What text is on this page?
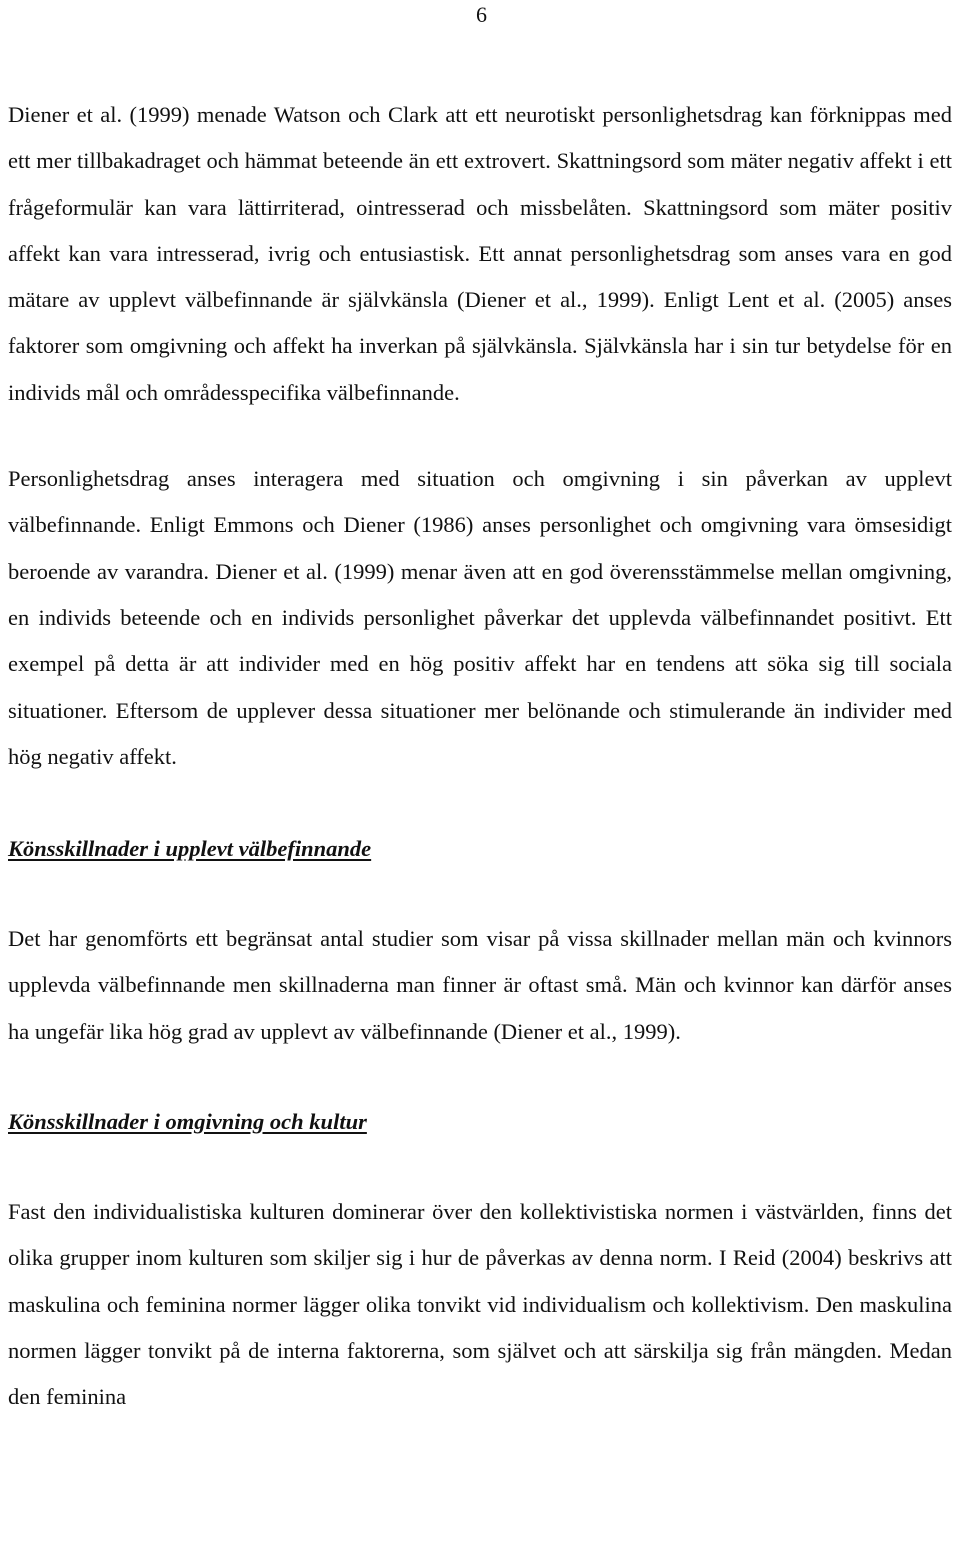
6

Diener et al. (1999) menade Watson och Clark att ett neurotiskt personlighetsdrag kan förknippas med ett mer tillbakadraget och hämmat beteende än ett extrovert. Skattningsord som mäter negativ affekt i ett frågeformulär kan vara lättirriterad, ointresserad och missbelåten. Skattningsord som mäter positiv affekt kan vara intresserad, ivrig och entusiastisk. Ett annat personlighetsdrag som anses vara en god mätare av upplevt välbefinnande är självkänsla (Diener et al., 1999). Enligt Lent et al. (2005) anses faktorer som omgivning och affekt ha inverkan på självkänsla. Självkänsla har i sin tur betydelse för en individs mål och områdesspecifika välbefinnande.

Personlighetsdrag anses interagera med situation och omgivning i sin påverkan av upplevt välbefinnande. Enligt Emmons och Diener (1986) anses personlighet och omgivning vara ömsesidigt beroende av varandra. Diener et al. (1999) menar även att en god överensstämmelse mellan omgivning, en individs beteende och en individs personlighet påverkar det upplevda välbefinnandet positivt. Ett exempel på detta är att individer med en hög positiv affekt har en tendens att söka sig till sociala situationer. Eftersom de upplever dessa situationer mer belönande och stimulerande än individer med hög negativ affekt.

Könsskillnader i upplevt välbefinnande

Det har genomförts ett begränsat antal studier som visar på vissa skillnader mellan män och kvinnors upplevda välbefinnande men skillnaderna man finner är oftast små. Män och kvinnor kan därför anses ha ungefär lika hög grad av upplevt av välbefinnande (Diener et al., 1999).

Könsskillnader i omgivning och kultur

Fast den individualistiska kulturen dominerar över den kollektivistiska normen i västvärlden, finns det olika grupper inom kulturen som skiljer sig i hur de påverkas av denna norm. I Reid (2004) beskrivs att maskulina och feminina normer lägger olika tonvikt vid individualism och kollektivism. Den maskulina normen lägger tonvikt på de interna faktorerna, som självet och att särskilja sig från mängden. Medan den feminina
